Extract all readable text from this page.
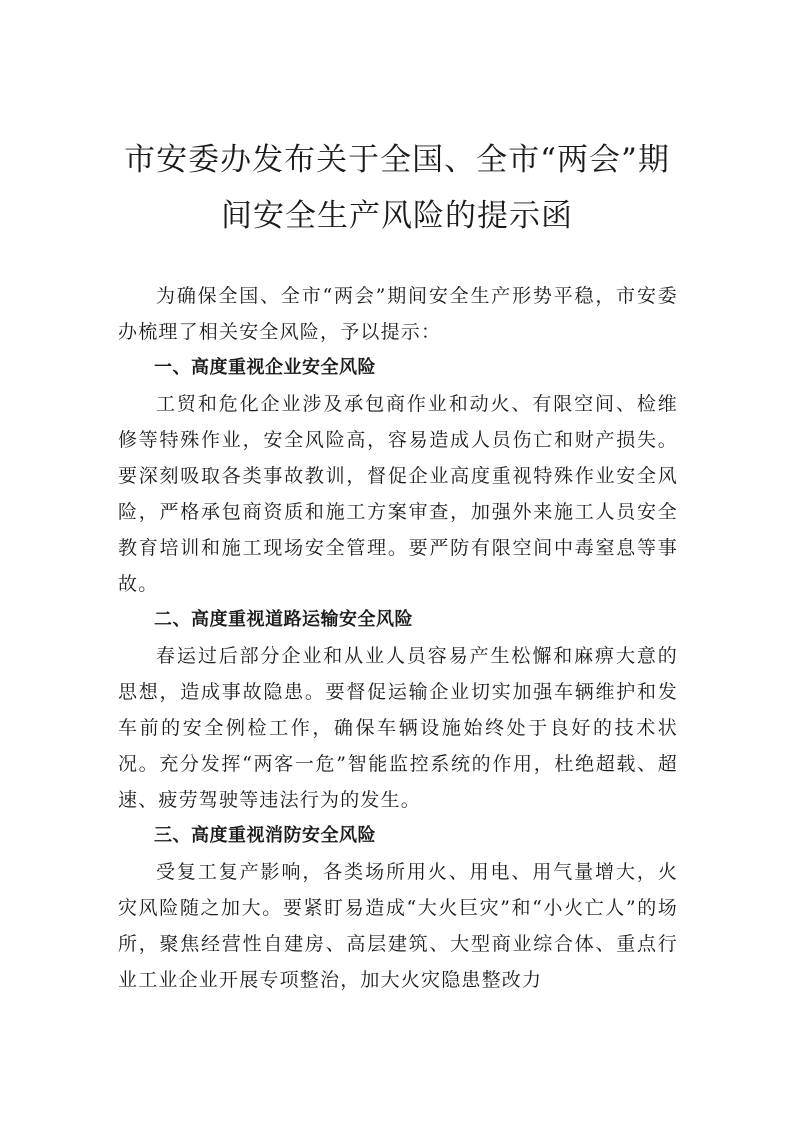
市安委办发布关于全国、全市“两会”期
间安全生产风险的提示函

为确保全国、全市“两会”期间安全生产形势平稳，市安委办梳理了相关安全风险，予以提示：

一、高度重视企业安全风险

工贸和危化企业涉及承包商作业和动火、有限空间、检维修等特殊作业，安全风险高，容易造成人员伤亡和财产损失。要深刻吸取各类事故教训，督促企业高度重视特殊作业安全风险，严格承包商资质和施工方案审查，加强外来施工人员安全教育培训和施工现场安全管理。要严防有限空间中毒窒息等事故。

二、高度重视道路运输安全风险

春运过后部分企业和从业人员容易产生松懈和麻痹大意的思想，造成事故隐患。要督促运输企业切实加强车辆维护和发车前的安全例检工作，确保车辆设施始终处于良好的技术状况。充分发挥“两客一危”智能监控系统的作用，杜绝超载、超速、疲劳驾驶等违法行为的发生。

三、高度重视消防安全风险

受复工复产影响，各类场所用火、用电、用气量增大，火灾风险随之加大。要紧盯易造成“大火巨灾”和“小火亡人”的场所，聚焦经营性自建房、高层建筑、大型商业综合体、重点行业工业企业开展专项整治，加大火灾隐患整改力
